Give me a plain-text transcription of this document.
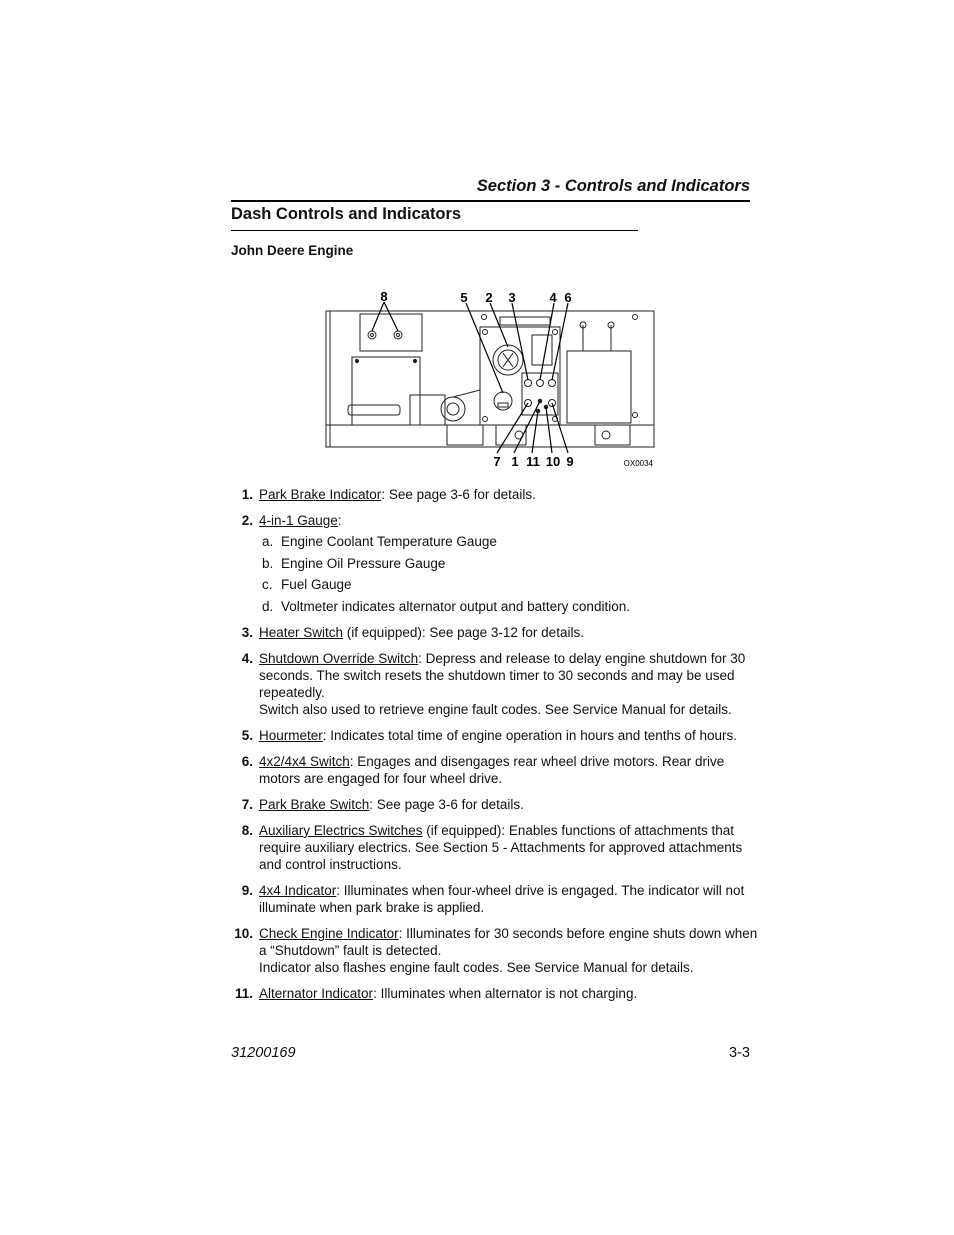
Section 3 - Controls and Indicators
Dash Controls and Indicators
John Deere Engine
8	5 2 3	4 6
7 1 11 10 9	OX0034
1. Park Brake Indicator: See page 3-6 for details.
2. 4-in-1 Gauge:
a. Engine Coolant Temperature Gauge
b. Engine Oil Pressure Gauge
c. Fuel Gauge
d. Voltmeter indicates alternator output and battery condition.
3. Heater Switch (if equipped): See page 3-12 for details.
4. Shutdown Override Switch: Depress and release to delay engine shutdown for 30 seconds. The switch resets the shutdown timer to 30 seconds and may be used repeatedly.
Switch also used to retrieve engine fault codes. See Service Manual for details.
5. Hourmeter: Indicates total time of engine operation in hours and tenths of hours.
6. 4x2/4x4 Switch: Engages and disengages rear wheel drive motors. Rear drive motors are engaged for four wheel drive.
7. Park Brake Switch: See page 3-6 for details.
8. Auxiliary Electrics Switches (if equipped): Enables functions of attachments that require auxiliary electrics. See Section 5 - Attachments for approved attachments and control instructions.
9. 4x4 Indicator: Illuminates when four-wheel drive is engaged. The indicator will not illuminate when park brake is applied.
10. Check Engine Indicator: Illuminates for 30 seconds before engine shuts down when a “Shutdown” fault is detected.
Indicator also flashes engine fault codes. See Service Manual for details.
11. Alternator Indicator: Illuminates when alternator is not charging.
31200169	3-3
